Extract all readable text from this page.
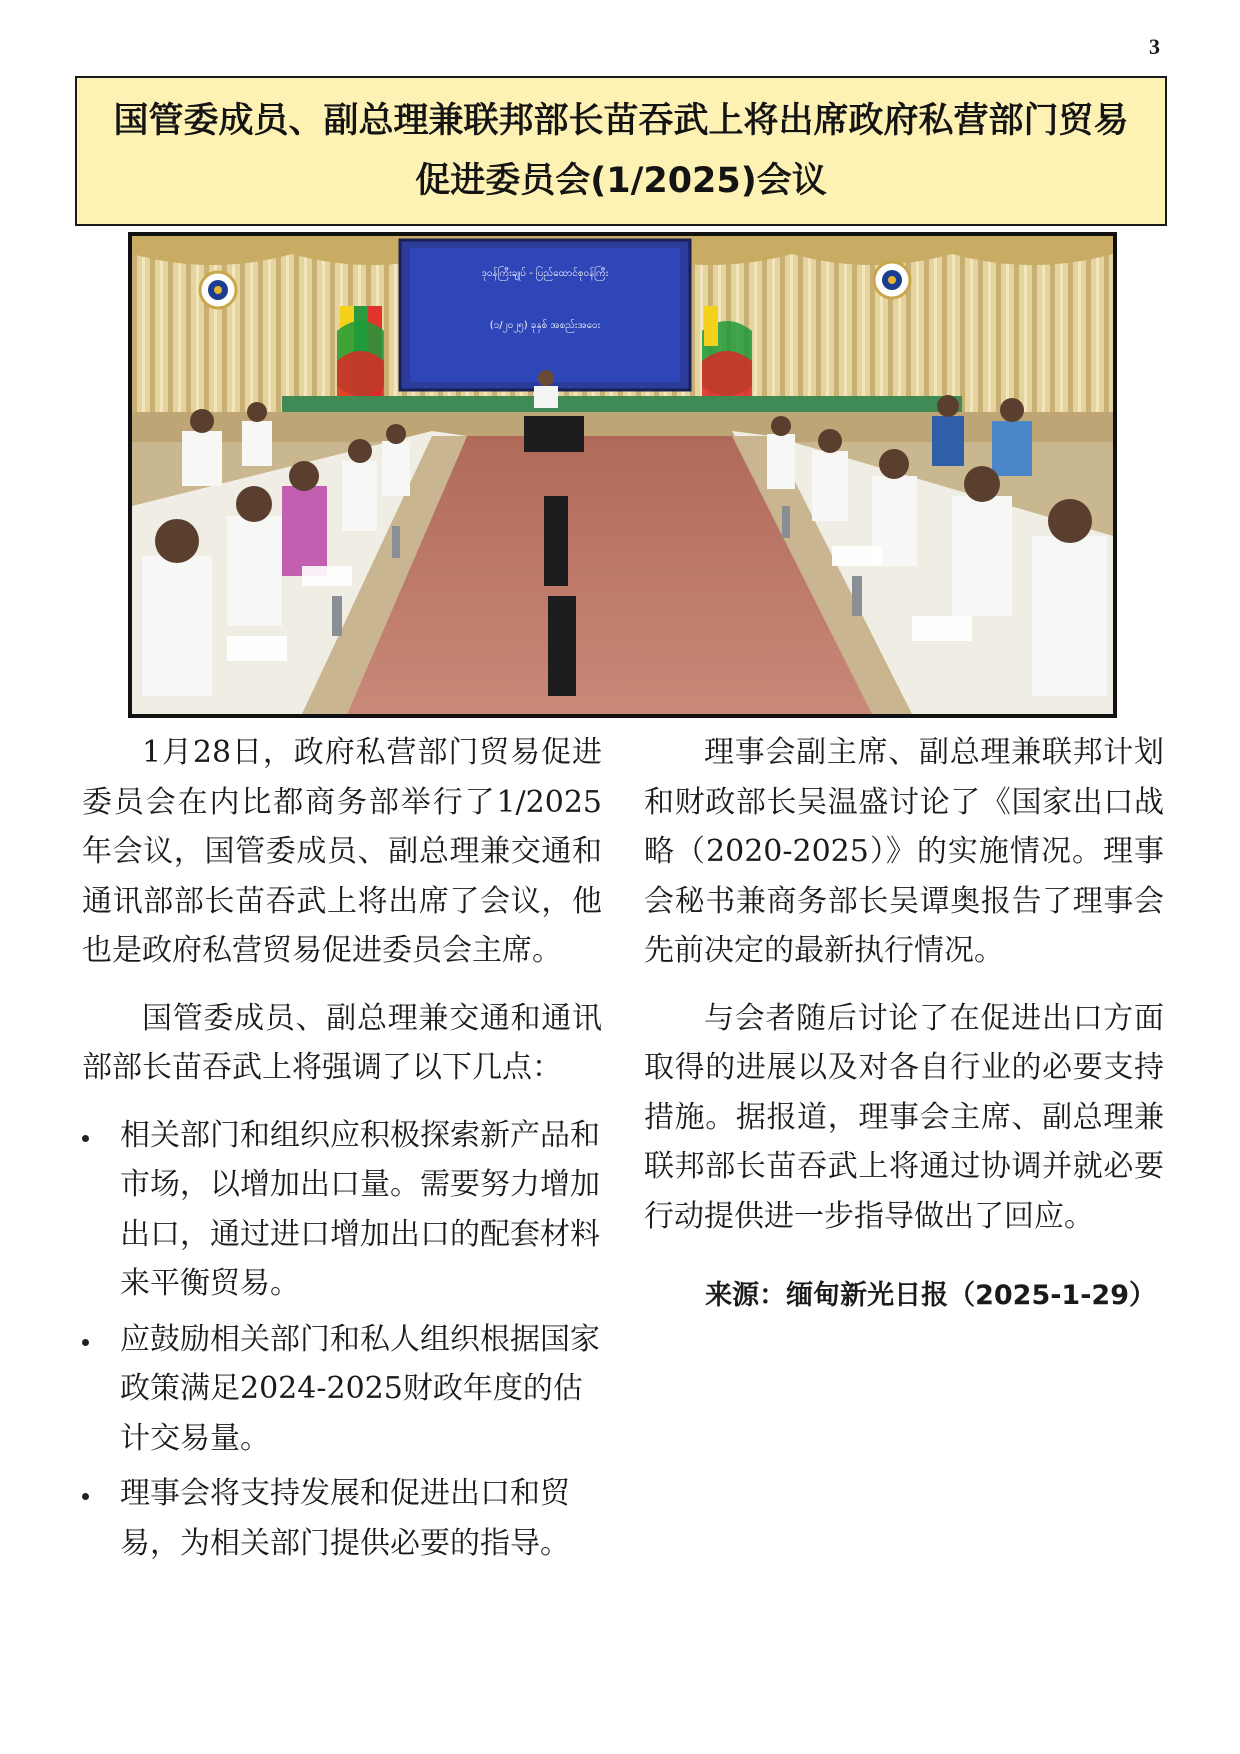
3
国管委成员、副总理兼联邦部长苗吞武上将出席政府私营部门贸易促进委员会(1/2025)会议
ဒုဝန်ကြီးချုပ် - ပြည်ထောင်စုဝန်ကြီး
(၁/၂၀၂၅) ခုနှစ် အစည်းအဝေး

1月28日，政府私营部门贸易促进委员会在内比都商务部举行了1/2025年会议，国管委成员、副总理兼交通和通讯部部长苗吞武上将出席了会议，他也是政府私营贸易促进委员会主席。

国管委成员、副总理兼交通和通讯部部长苗吞武上将强调了以下几点：

相关部门和组织应积极探索新产品和市场，以增加出口量。需要努力增加出口，通过进口增加出口的配套材料来平衡贸易。
应鼓励相关部门和私人组织根据国家政策满足2024-2025财政年度的估计交易量。
理事会将支持发展和促进出口和贸易，为相关部门提供必要的指导。

理事会副主席、副总理兼联邦计划和财政部长吴温盛讨论了《国家出口战略（2020-2025）》的实施情况。理事会秘书兼商务部长吴谭奥报告了理事会先前决定的最新执行情况。

与会者随后讨论了在促进出口方面取得的进展以及对各自行业的必要支持措施。据报道，理事会主席、副总理兼联邦部长苗吞武上将通过协调并就必要行动提供进一步指导做出了回应。

来源：缅甸新光日报（2025-1-29）
